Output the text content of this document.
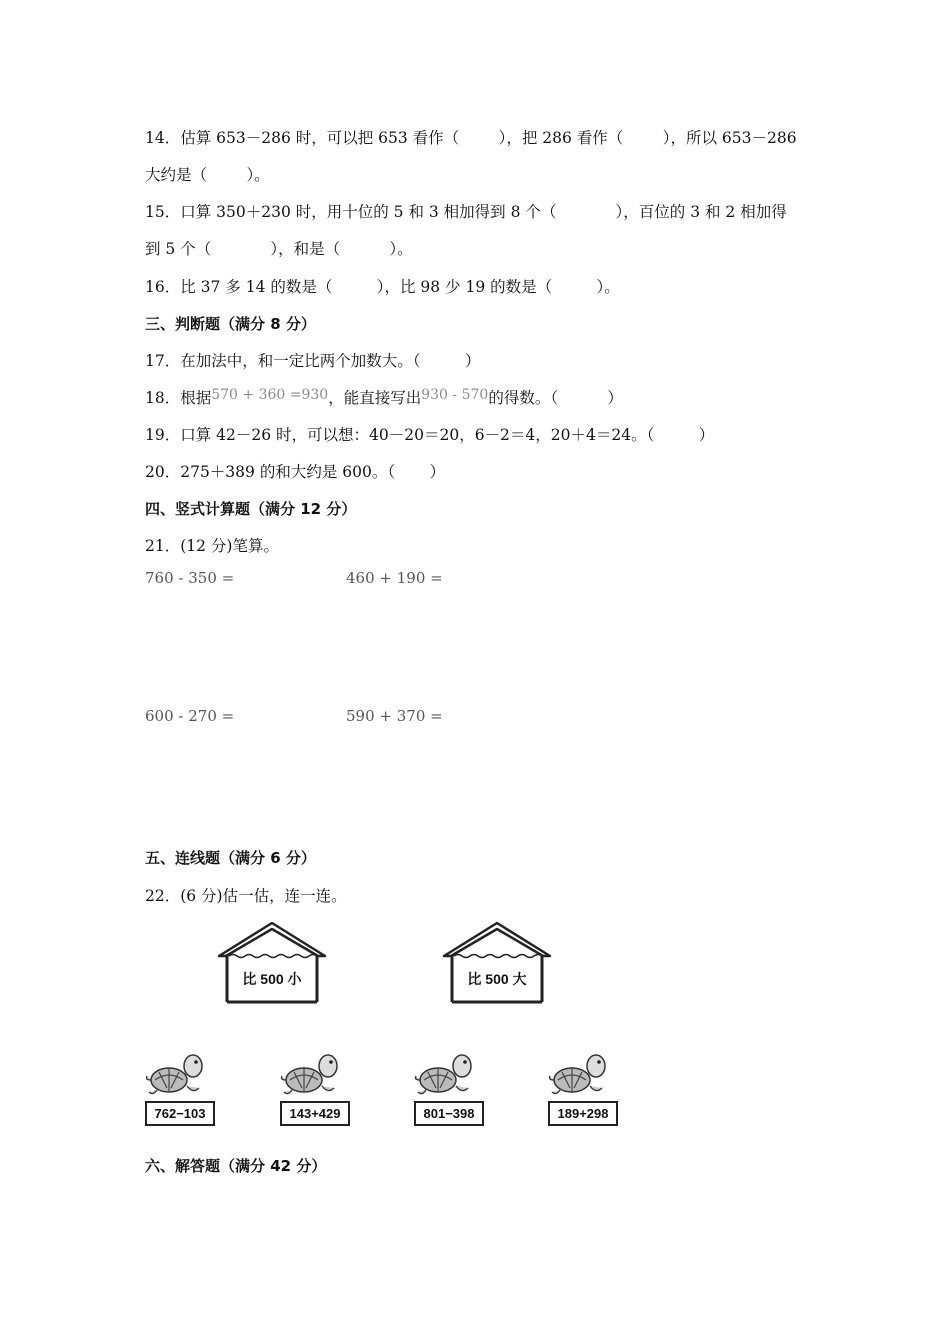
14．估算 653－286 时，可以把 653 看作（	），把 286 看作（	），所以 653－286
大约是（	）。
15．口算 350＋230 时，用十位的 5 和 3 相加得到 8 个（	），百位的 3 和 2 相加得
到 5 个（	），和是（	）。
16．比 37 多 14 的数是（	），比 98 少 19 的数是（	）。
三、判断题（满分 8 分）
17．在加法中，和一定比两个加数大。（	）
18．根据570 + 360 =930，能直接写出930 - 570的得数。（	）
19．口算 42－26 时，可以想：40－20＝20，6－2＝4，20＋4＝24。（	）
20．275＋389 的和大约是 600。（ ）
四、竖式计算题（满分 12 分）
21．(12 分)笔算。
760 - 350 =	460 + 190 =
600 - 270 =	590 + 370 =
五、连线题（满分 6 分）
22．(6 分)估一估，连一连。
比 500 小	比 500 大
762−103	143+429	801−398	189+298
六、解答题（满分 42 分）
